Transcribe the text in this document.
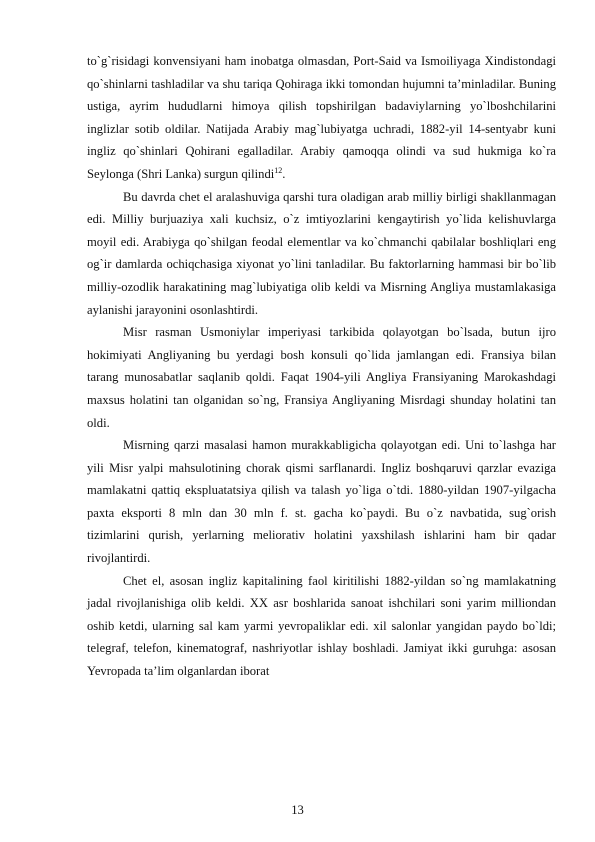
to`g`risidagi konvensiyani ham inobatga olmasdan, Port-Said va Ismoiliyaga Xindistondagi qo`shinlarni tashladilar va shu tariqa Qohiraga ikki tomondan hujumni ta’minladilar. Buning ustiga, ayrim hududlarni himoya qilish topshirilgan badaviylarning yo`lboshchilarini inglizlar sotib oldilar. Natijada Arabiy mag`lubiyatga uchradi, 1882-yil 14-sentyabr kuni ingliz qo`shinlari Qohirani egalladilar. Arabiy qamoqqa olindi va sud hukmiga ko`ra Seylonga (Shri Lanka) surgun qilindi$^{12}$.

Bu davrda chet el aralashuviga qarshi tura oladigan arab milliy birligi shakllanmagan edi. Milliy burjuaziya xali kuchsiz, o`z imtiyozlarini kengaytirish yo`lida kelishuvlarga moyil edi. Arabiyga qo`shilgan feodal elementlar va ko`chmanchi qabilalar boshliqlari eng og`ir damlarda ochiqchasiga xiyonat yo`lini tanladilar. Bu faktorlarning hammasi bir bo`lib milliy-ozodlik harakatining mag`lubiyatiga olib keldi va Misrning Angliya mustamlakasiga aylanishi jarayonini osonlashtirdi.

Misr rasman Usmoniylar imperiyasi tarkibida qolayotgan bo`lsada, butun ijro hokimiyati Angliyaning bu yerdagi bosh konsuli qo`lida jamlangan edi. Fransiya bilan tarang munosabatlar saqlanib qoldi. Faqat 1904-yili Angliya Fransiyaning Marokashdagi maxsus holatini tan olganidan so`ng, Fransiya Angliyaning Misrdagi shunday holatini tan oldi.

Misrning qarzi masalasi hamon murakkabligicha qolayotgan edi. Uni to`lashga har yili Misr yalpi mahsulotining chorak qismi sarflanardi. Ingliz boshqaruvi qarzlar evaziga mamlakatni qattiq ekspluatatsiya qilish va talash yo`liga o`tdi. 1880-yildan 1907-yilgacha paxta eksporti 8 mln dan 30 mln f. st. gacha ko`paydi. Bu o`z navbatida, sug`orish tizimlarini qurish, yerlarning meliorativ holatini yaxshilash ishlarini ham bir qadar rivojlantirdi.

Chet el, asosan ingliz kapitalining faol kiritilishi 1882-yildan so`ng mamlakatning jadal rivojlanishiga olib keldi. XX asr boshlarida sanoat ishchilari soni yarim milliondan oshib ketdi, ularning sal kam yarmi yevropaliklar edi. xil salonlar yangidan paydo bo`ldi; telegraf, telefon, kinematograf, nashriyotlar ishlay boshladi. Jamiyat ikki guruhga: asosan Yevropada ta’lim olganlardan iborat

13
